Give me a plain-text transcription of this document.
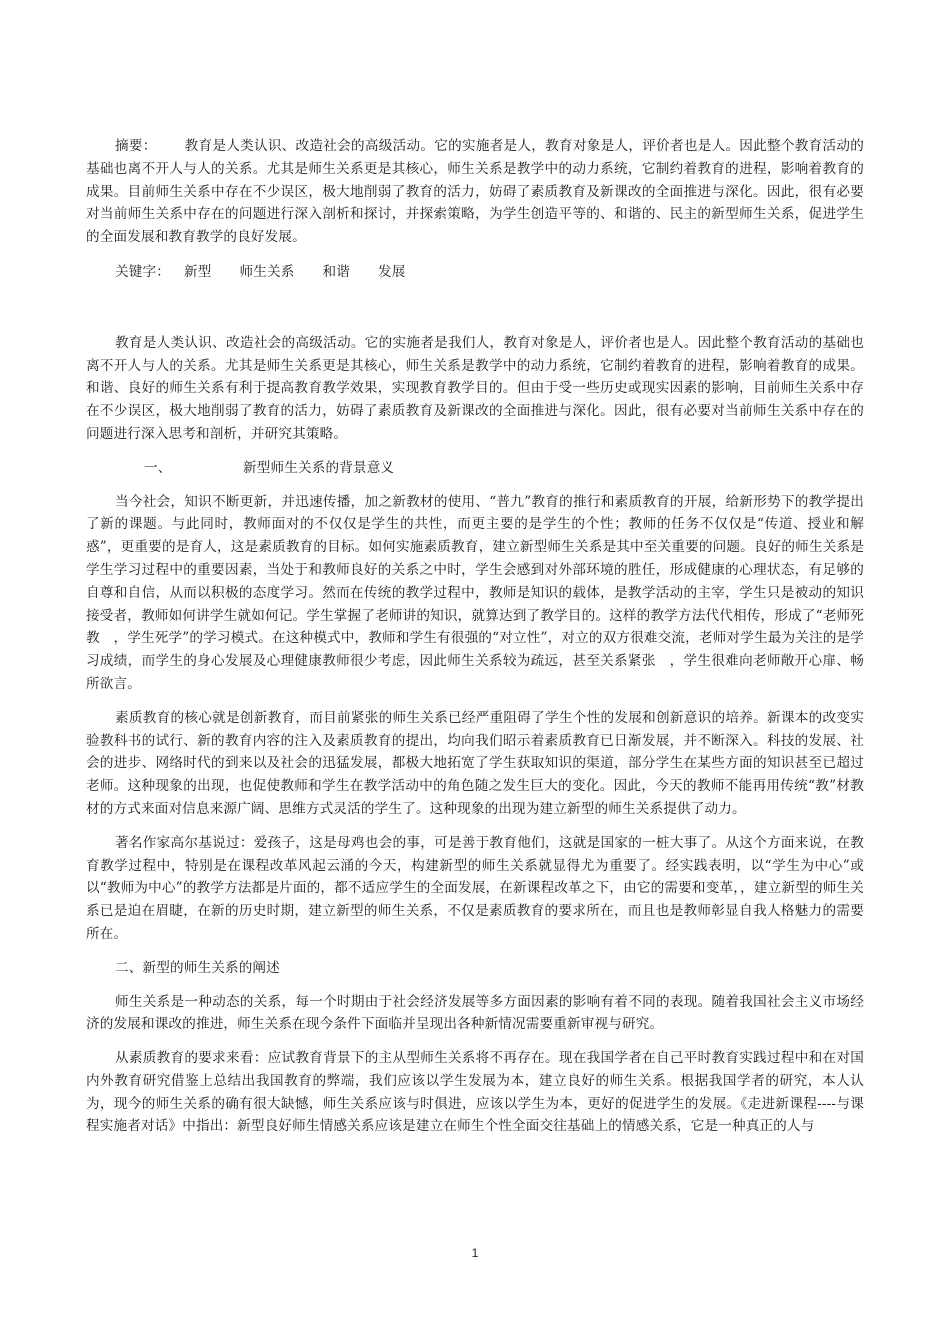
摘要： 教育是人类认识、改造社会的高级活动。它的实施者是人，教育对象是人，评价者也是人。因此整个教育活动的基础也离不开人与人的关系。尤其是师生关系更是其核心，师生关系是教学中的动力系统，它制约着教育的进程，影响着教育的成果。目前师生关系中存在不少误区，极大地削弱了教育的活力，妨碍了素质教育及新课改的全面推进与深化。因此，很有必要对当前师生关系中存在的问题进行深入剖析和探讨，并探索策略，为学生创造平等的、和谐的、民主的新型师生关系，促进学生的全面发展和教育教学的良好发展。

关键字： 新型 师生关系 和谐 发展

教育是人类认识、改造社会的高级活动。它的实施者是我们人，教育对象是人，评价者也是人。因此整个教育活动的基础也离不开人与人的关系。尤其是师生关系更是其核心，师生关系是教学中的动力系统，它制约着教育的进程，影响着教育的成果。和谐、良好的师生关系有利于提高教育教学效果，实现教育教学目的。但由于受一些历史或现实因素的影响，目前师生关系中存在不少误区，极大地削弱了教育的活力，妨碍了素质教育及新课改的全面推进与深化。因此，很有必要对当前师生关系中存在的问题进行深入思考和剖析，并研究其策略。

一、	新型师生关系的背景意义

当今社会，知识不断更新，并迅速传播，加之新教材的使用、“普九”教育的推行和素质教育的开展，给新形势下的教学提出了新的课题。与此同时，教师面对的不仅仅是学生的共性，而更主要的是学生的个性；教师的任务不仅仅是“传道、授业和解惑”，更重要的是育人，这是素质教育的目标。如何实施素质教育，建立新型师生关系是其中至关重要的问题。良好的师生关系是学生学习过程中的重要因素，当处于和教师良好的关系之中时，学生会感到对外部环境的胜任，形成健康的心理状态，有足够的自尊和自信，从而以积极的态度学习。然而在传统的教学过程中，教师是知识的载体，是教学活动的主宰，学生只是被动的知识接受者，教师如何讲学生就如何记。学生掌握了老师讲的知识，就算达到了教学目的。这样的教学方法代代相传，形成了“老师死教　，学生死学”的学习模式。在这种模式中，教师和学生有很强的“对立性”，对立的双方很难交流，老师对学生最为关注的是学习成绩，而学生的身心发展及心理健康教师很少考虑，因此师生关系较为疏远，甚至关系紧张　，学生很难向老师敞开心扉、畅所欲言。

素质教育的核心就是创新教育，而目前紧张的师生关系已经严重阻碍了学生个性的发展和创新意识的培养。新课本的改变实验教科书的试行、新的教育内容的注入及素质教育的提出，均向我们昭示着素质教育已日渐发展，并不断深入。科技的发展、社会的进步、网络时代的到来以及社会的迅猛发展，都极大地拓宽了学生获取知识的渠道，部分学生在某些方面的知识甚至已超过老师。这种现象的出现，也促使教师和学生在教学活动中的角色随之发生巨大的变化。因此，今天的教师不能再用传统“教”材教材的方式来面对信息来源广阔、思维方式灵活的学生了。这种现象的出现为建立新型的师生关系提供了动力。

著名作家高尔基说过：爱孩子，这是母鸡也会的事，可是善于教育他们，这就是国家的一桩大事了。从这个方面来说，在教育教学过程中，特别是在课程改革风起云涌的今天，构建新型的师生关系就显得尤为重要了。经实践表明，以“学生为中心”或以“教师为中心”的教学方法都是片面的，都不适应学生的全面发展，在新课程改革之下，由它的需要和变革，，建立新型的师生关系已是迫在眉睫，在新的历史时期，建立新型的师生关系，不仅是素质教育的要求所在，而且也是教师彰显自我人格魅力的需要所在。

二、新型的师生关系的阐述

师生关系是一种动态的关系，每一个时期由于社会经济发展等多方面因素的影响有着不同的表现。随着我国社会主义市场经济的发展和课改的推进，师生关系在现今条件下面临并呈现出各种新情况需要重新审视与研究。

从素质教育的要求来看：应试教育背景下的主从型师生关系将不再存在。现在我国学者在自己平时教育实践过程中和在对国内外教育研究借鉴上总结出我国教育的弊端，我们应该以学生发展为本，建立良好的师生关系。根据我国学者的研究，本人认为，现今的师生关系的确有很大缺憾，师生关系应该与时俱进，应该以学生为本，更好的促进学生的发展。《走进新课程----与课程实施者对话》中指出：新型良好师生情感关系应该是建立在师生个性全面交往基础上的情感关系，它是一种真正的人与

1
